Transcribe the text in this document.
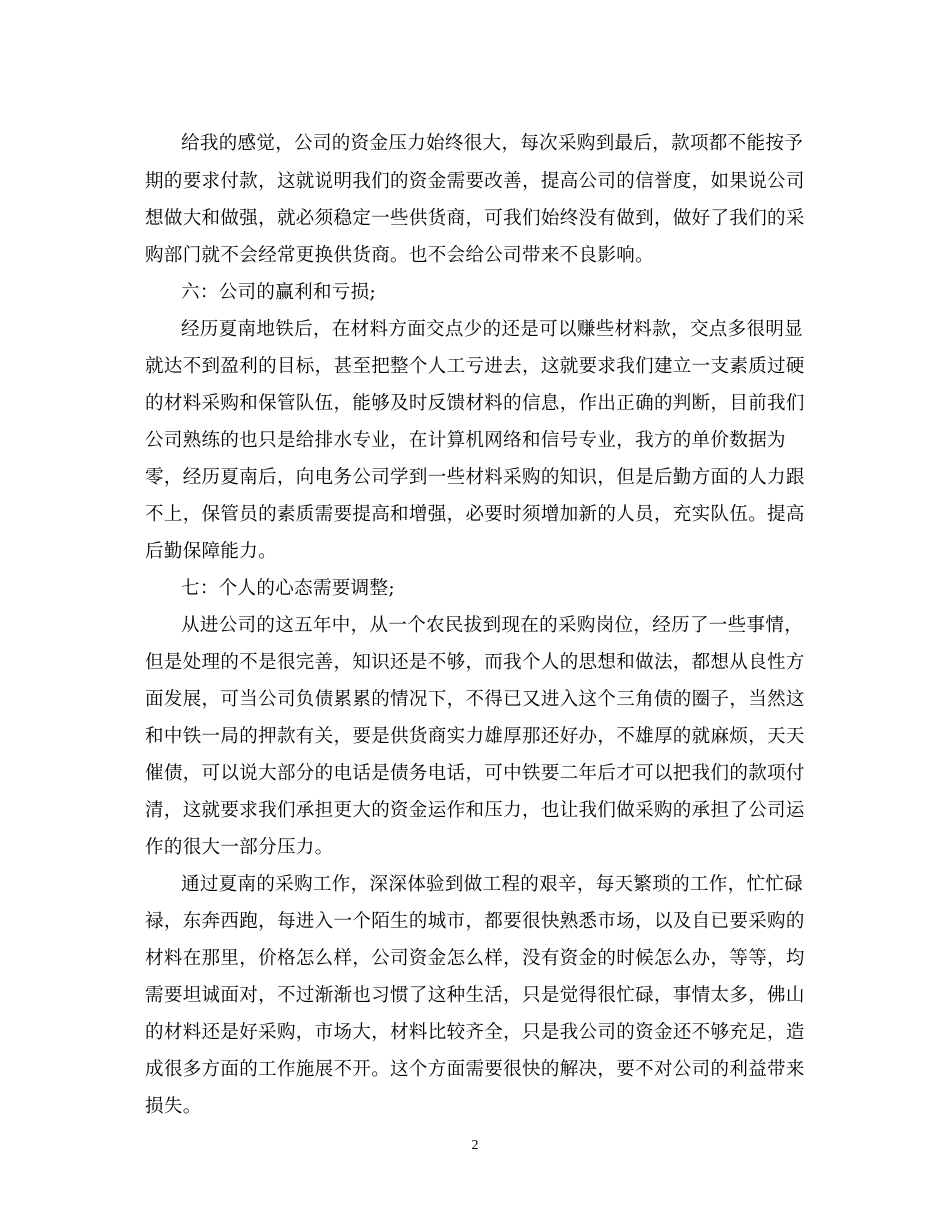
给我的感觉，公司的资金压力始终很大，每次采购到最后，款项都不能按予
期的要求付款，这就说明我们的资金需要改善，提高公司的信誉度，如果说公司
想做大和做强，就必须稳定一些供货商，可我们始终没有做到，做好了我们的采
购部门就不会经常更换供货商。也不会给公司带来不良影响。
六：公司的赢利和亏损;
经历夏南地铁后，在材料方面交点少的还是可以赚些材料款，交点多很明显
就达不到盈利的目标，甚至把整个人工亏进去，这就要求我们建立一支素质过硬
的材料采购和保管队伍，能够及时反馈材料的信息，作出正确的判断，目前我们
公司熟练的也只是给排水专业，在计算机网络和信号专业，我方的单价数据为
零，经历夏南后，向电务公司学到一些材料采购的知识，但是后勤方面的人力跟
不上，保管员的素质需要提高和增强，必要时须增加新的人员，充实队伍。提高
后勤保障能力。
七：个人的心态需要调整;
从进公司的这五年中，从一个农民拔到现在的采购岗位，经历了一些事情，
但是处理的不是很完善，知识还是不够，而我个人的思想和做法，都想从良性方
面发展，可当公司负债累累的情况下，不得已又进入这个三角债的圈子，当然这
和中铁一局的押款有关，要是供货商实力雄厚那还好办，不雄厚的就麻烦，天天
催债，可以说大部分的电话是债务电话，可中铁要二年后才可以把我们的款项付
清，这就要求我们承担更大的资金运作和压力，也让我们做采购的承担了公司运
作的很大一部分压力。
通过夏南的采购工作，深深体验到做工程的艰辛，每天繁琐的工作，忙忙碌
禄，东奔西跑，每进入一个陌生的城市，都要很快熟悉市场，以及自已要采购的
材料在那里，价格怎么样，公司资金怎么样，没有资金的时候怎么办，等等，均
需要坦诚面对，不过渐渐也习惯了这种生活，只是觉得很忙碌，事情太多，佛山
的材料还是好采购，市场大，材料比较齐全，只是我公司的资金还不够充足，造
成很多方面的工作施展不开。这个方面需要很快的解决，要不对公司的利益带来
损失。
2
